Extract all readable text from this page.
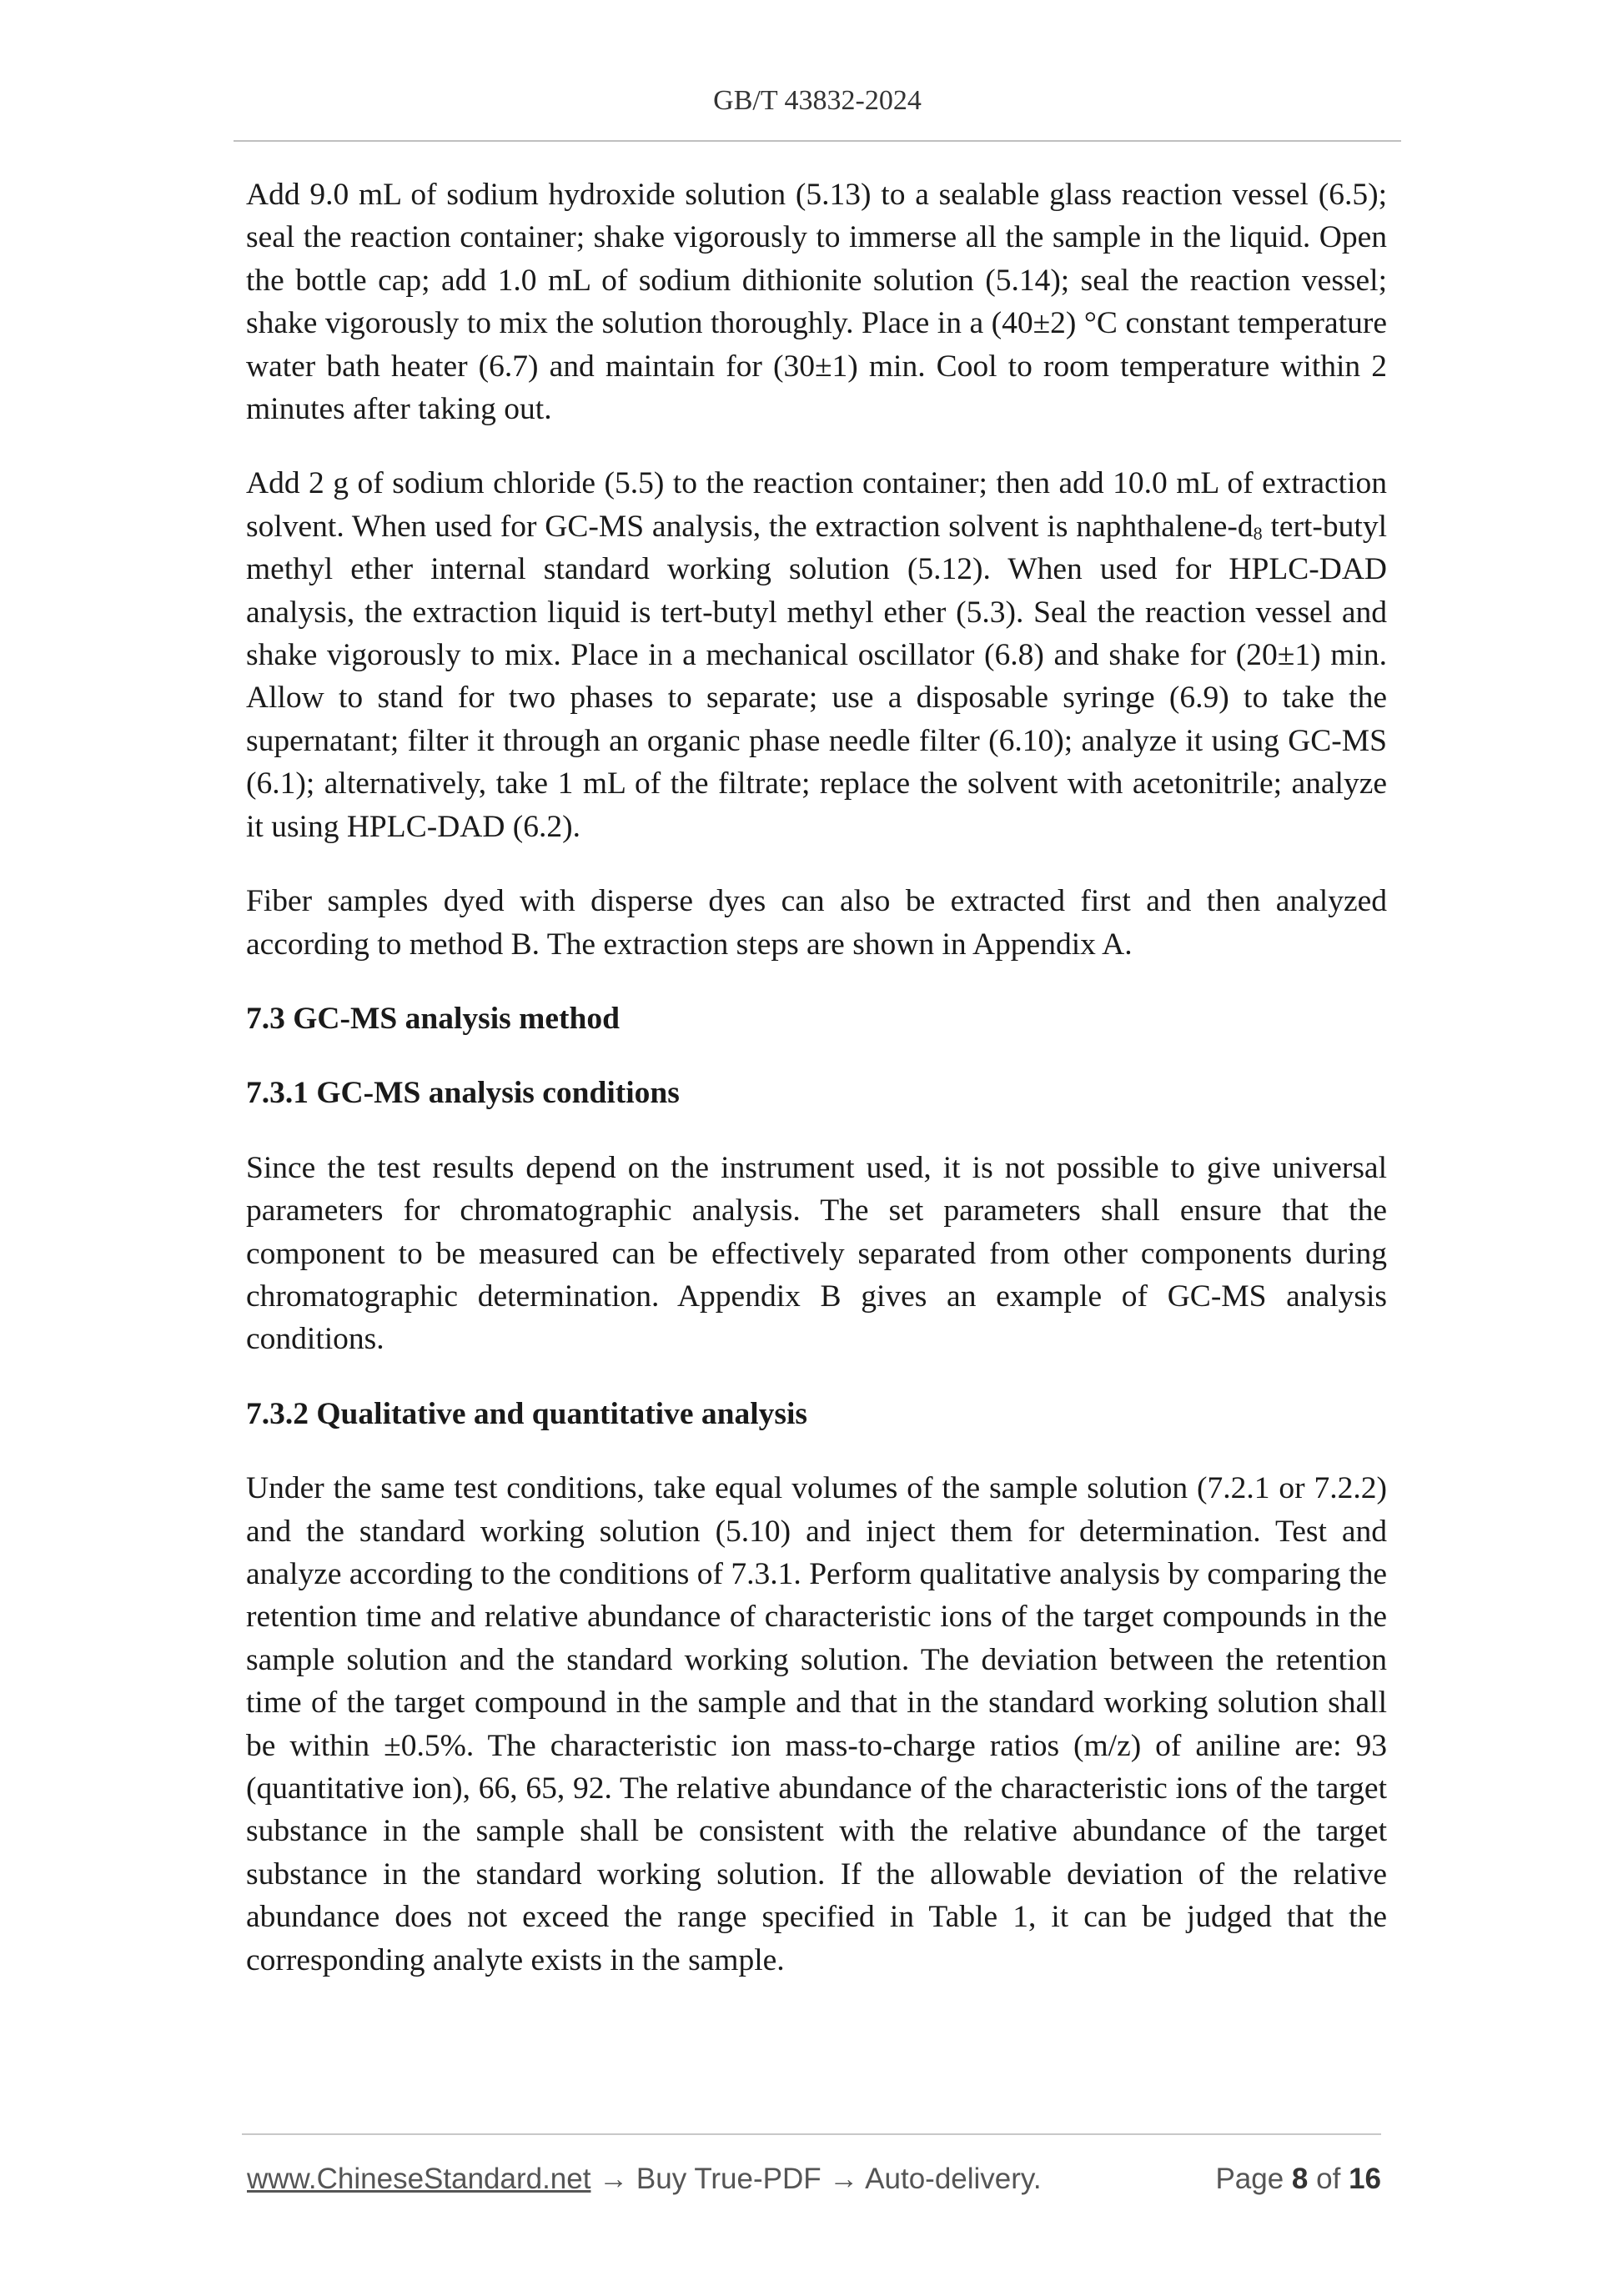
GB/T 43832-2024

Add 9.0 mL of sodium hydroxide solution (5.13) to a sealable glass reaction vessel (6.5); seal the reaction container; shake vigorously to immerse all the sample in the liquid. Open the bottle cap; add 1.0 mL of sodium dithionite solution (5.14); seal the reaction vessel; shake vigorously to mix the solution thoroughly. Place in a (40±2) °C constant temperature water bath heater (6.7) and maintain for (30±1) min. Cool to room temperature within 2 minutes after taking out.

Add 2 g of sodium chloride (5.5) to the reaction container; then add 10.0 mL of extraction solvent. When used for GC-MS analysis, the extraction solvent is naphthalene-d8 tert-butyl methyl ether internal standard working solution (5.12). When used for HPLC-DAD analysis, the extraction liquid is tert-butyl methyl ether (5.3). Seal the reaction vessel and shake vigorously to mix. Place in a mechanical oscillator (6.8) and shake for (20±1) min. Allow to stand for two phases to separate; use a disposable syringe (6.9) to take the supernatant; filter it through an organic phase needle filter (6.10); analyze it using GC-MS (6.1); alternatively, take 1 mL of the filtrate; replace the solvent with acetonitrile; analyze it using HPLC-DAD (6.2).

Fiber samples dyed with disperse dyes can also be extracted first and then analyzed according to method B. The extraction steps are shown in Appendix A.

7.3 GC-MS analysis method
7.3.1 GC-MS analysis conditions

Since the test results depend on the instrument used, it is not possible to give universal parameters for chromatographic analysis. The set parameters shall ensure that the component to be measured can be effectively separated from other components during chromatographic determination. Appendix B gives an example of GC-MS analysis conditions.

7.3.2 Qualitative and quantitative analysis

Under the same test conditions, take equal volumes of the sample solution (7.2.1 or 7.2.2) and the standard working solution (5.10) and inject them for determination. Test and analyze according to the conditions of 7.3.1. Perform qualitative analysis by comparing the retention time and relative abundance of characteristic ions of the target compounds in the sample solution and the standard working solution. The deviation between the retention time of the target compound in the sample and that in the standard working solution shall be within ±0.5%. The characteristic ion mass-to-charge ratios (m/z) of aniline are: 93 (quantitative ion), 66, 65, 92. The relative abundance of the characteristic ions of the target substance in the sample shall be consistent with the relative abundance of the target substance in the standard working solution. If the allowable deviation of the relative abundance does not exceed the range specified in Table 1, it can be judged that the corresponding analyte exists in the sample.

www.ChineseStandard.net → Buy True-PDF → Auto-delivery.	Page 8 of 16
